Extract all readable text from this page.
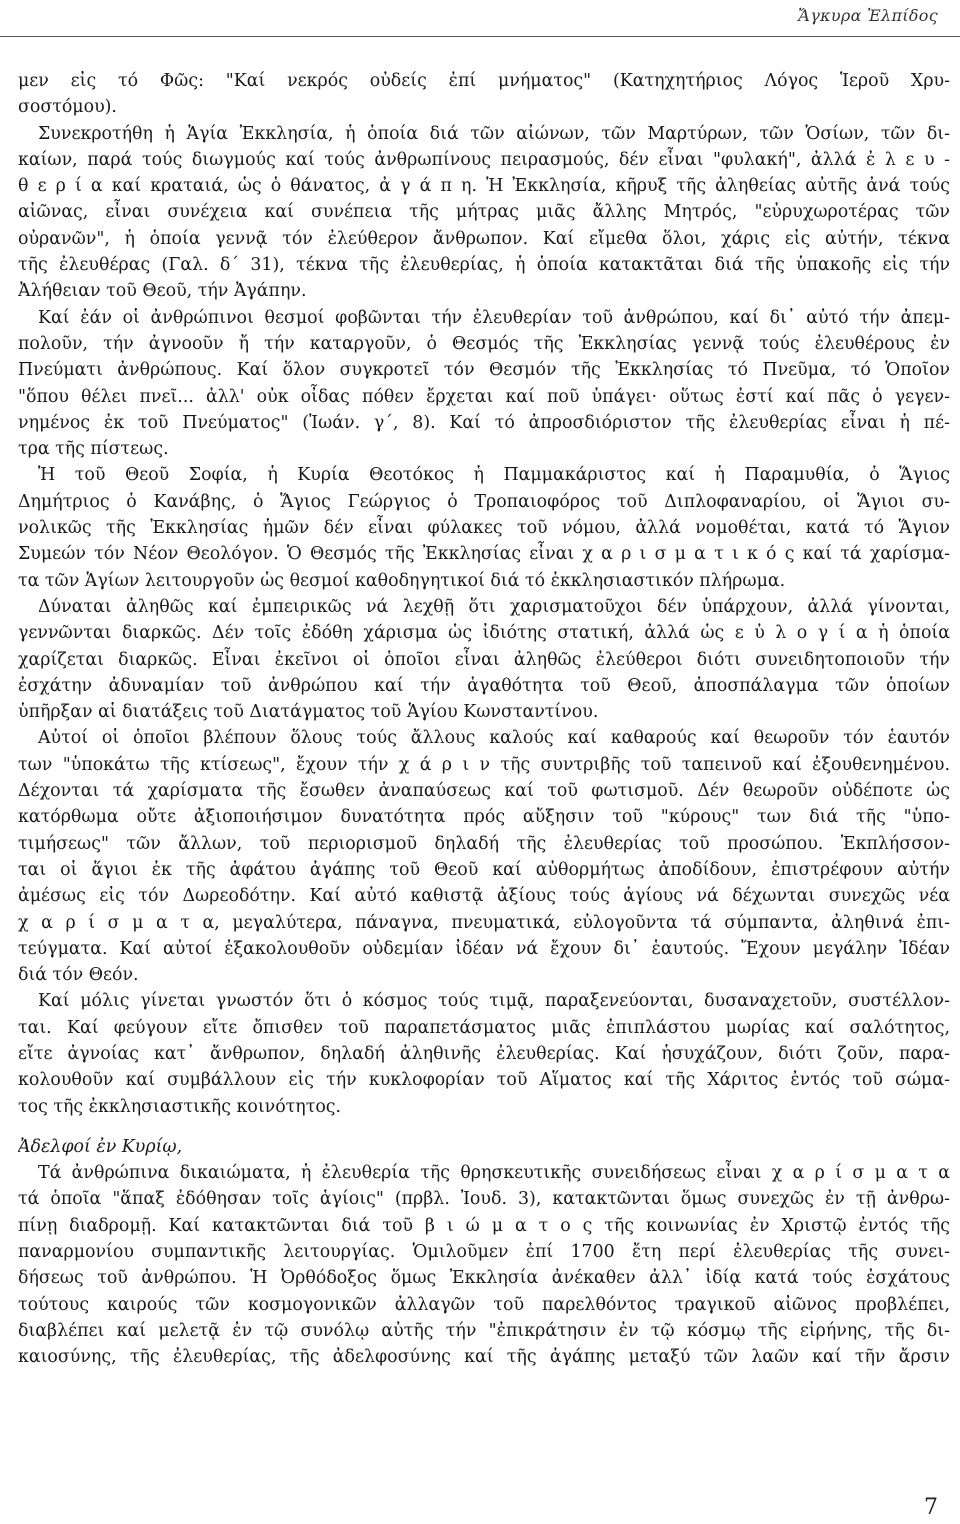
Ἄγκυρα Ἐλπίδος
μεν εἰς τό Φῶς: "Καί νεκρός οὐδείς ἐπί μνήματος" (Κατηχητήριος Λόγος Ἱεροῦ Χρυ-
σοστόμου).
Συνεκροτήθη ἡ Ἁγία Ἐκκλησία, ἡ ὁποία διά τῶν αἰώνων, τῶν Μαρτύρων, τῶν Ὁσίων, τῶν δι-
καίων, παρά τούς διωγμούς καί τούς ἀνθρωπίνους πειρασμούς, δέν εἶναι "φυλακή", ἀλλά ἐ λ ε υ -
θ ε ρ ί α καί κραταιά, ὡς ὁ θάνατος, ἀ γ ά π η. Ἡ Ἐκκλησία, κῆρυξ τῆς ἀληθείας αὐτῆς ἀνά τούς
αἰῶνας, εἶναι συνέχεια καί συνέπεια τῆς μήτρας μιᾶς ἄλλης Μητρός, "εὐρυχωροτέρας τῶν
οὐρανῶν", ἡ ὁποία γεννᾷ τόν ἐλεύθερον ἄνθρωπον. Καί εἴμεθα ὅλοι, χάρις εἰς αὐτήν, τέκνα
τῆς ἐλευθέρας (Γαλ. δ΄ 31), τέκνα τῆς ἐλευθερίας, ἡ ὁποία κατακτᾶται διά τῆς ὑπακοῆς εἰς τήν
Ἀλήθειαν τοῦ Θεοῦ, τήν Ἀγάπην.
Καί ἐάν οἱ ἀνθρώπινοι θεσμοί φοβῶνται τήν ἐλευθερίαν τοῦ ἀνθρώπου, καί δι᾽ αὐτό τήν ἀπεμ-
πολοῦν, τήν ἀγνοοῦν ἤ τήν καταργοῦν, ὁ Θεσμός τῆς Ἐκκλησίας γεννᾷ τούς ἐλευθέρους ἐν
Πνεύματι ἀνθρώπους. Καί ὅλον συγκροτεῖ τόν Θεσμόν τῆς Ἐκκλησίας τό Πνεῦμα, τό Ὁποῖον
"ὅπου θέλει πνεῖ... ἀλλ' οὐκ οἶδας πόθεν ἔρχεται καί ποῦ ὑπάγει· οὕτως ἐστί καί πᾶς ὁ γεγεν-
νημένος ἐκ τοῦ Πνεύματος" (Ἰωάν. γ΄, 8). Καί τό ἀπροσδιόριστον τῆς ἐλευθερίας εἶναι ἡ πέ-
τρα τῆς πίστεως.
Ἡ τοῦ Θεοῦ Σοφία, ἡ Κυρία Θεοτόκος ἡ Παμμακάριστος καί ἡ Παραμυθία, ὁ Ἅγιος
Δημήτριος ὁ Κανάβης, ὁ Ἅγιος Γεώργιος ὁ Τροπαιοφόρος τοῦ Διπλοφαναρίου, οἱ Ἅγιοι συ-
νολικῶς τῆς Ἐκκλησίας ἡμῶν δέν εἶναι φύλακες τοῦ νόμου, ἀλλά νομοθέται, κατά τό Ἅγιον
Συμεών τόν Νέον Θεολόγον. Ὁ Θεσμός τῆς Ἐκκλησίας εἶναι χ α ρ ι σ μ α τ ι κ ό ς καί τά χαρίσμα-
τα τῶν Ἁγίων λειτουργοῦν ὡς θεσμοί καθοδηγητικοί διά τό ἐκκλησιαστικόν πλήρωμα.
Δύναται ἀληθῶς καί ἐμπειρικῶς νά λεχθῇ ὅτι χαρισματοῦχοι δέν ὑπάρχουν, ἀλλά γίνονται,
γεννῶνται διαρκῶς. Δέν τοῖς ἐδόθη χάρισμα ὡς ἰδιότης στατική, ἀλλά ὡς ε ὐ λ ο γ ί α ἡ ὁποία
χαρίζεται διαρκῶς. Εἶναι ἐκεῖνοι οἱ ὁποῖοι εἶναι ἀληθῶς ἐλεύθεροι διότι συνειδητοποιοῦν τήν
ἐσχάτην ἀδυναμίαν τοῦ ἀνθρώπου καί τήν ἀγαθότητα τοῦ Θεοῦ, ἀποσπάλαγμα τῶν ὁποίων
ὑπῆρξαν αἱ διατάξεις τοῦ Διατάγματος τοῦ Ἁγίου Κωνσταντίνου.
Αὐτοί οἱ ὁποῖοι βλέπουν ὅλους τούς ἄλλους καλούς καί καθαρούς καί θεωροῦν τόν ἑαυτόν
των "ὑποκάτω τῆς κτίσεως", ἔχουν τήν χ ά ρ ι ν τῆς συντριβῆς τοῦ ταπεινοῦ καί ἐξουθενημένου.
Δέχονται τά χαρίσματα τῆς ἔσωθεν ἀναπαύσεως καί τοῦ φωτισμοῦ. Δέν θεωροῦν οὐδέποτε ὡς
κατόρθωμα οὔτε ἀξιοποιήσιμον δυνατότητα πρός αὔξησιν τοῦ "κύρους" των διά τῆς "ὑπο-
τιμήσεως" τῶν ἄλλων, τοῦ περιορισμοῦ δηλαδή τῆς ἐλευθερίας τοῦ προσώπου. Ἐκπλήσσον-
ται οἱ ἅγιοι ἐκ τῆς ἀφάτου ἀγάπης τοῦ Θεοῦ καί αὐθορμήτως ἀποδίδουν, ἐπιστρέφουν αὐτήν
ἀμέσως εἰς τόν Δωρεοδότην. Καί αὐτό καθιστᾷ ἀξίους τούς ἁγίους νά δέχωνται συνεχῶς νέα
χ α ρ ί σ μ α τ α, μεγαλύτερα, πάναγνα, πνευματικά, εὐλογοῦντα τά σύμπαντα, ἀληθινά ἐπι-
τεύγματα. Καί αὐτοί ἐξακολουθοῦν οὐδεμίαν ἰδέαν νά ἔχουν δι᾽ ἑαυτούς. Ἔχουν μεγάλην Ἰδέαν
διά τόν Θεόν.
Καί μόλις γίνεται γνωστόν ὅτι ὁ κόσμος τούς τιμᾷ, παραξενεύονται, δυσαναχετοῦν, συστέλλον-
ται. Καί φεύγουν εἴτε ὄπισθεν τοῦ παραπετάσματος μιᾶς ἐπιπλάστου μωρίας καί σαλότητος,
εἴτε ἀγνοίας κατ᾽ ἄνθρωπον, δηλαδή ἀληθινῆς ἐλευθερίας. Καί ἡσυχάζουν, διότι ζοῦν, παρα-
κολουθοῦν καί συμβάλλουν εἰς τήν κυκλοφορίαν τοῦ Αἵματος καί τῆς Χάριτος ἐντός τοῦ σώμα-
τος τῆς ἐκκλησιαστικῆς κοινότητος.
Ἀδελφοί ἐν Κυρίῳ,
Τά ἀνθρώπινα δικαιώματα, ἡ ἐλευθερία τῆς θρησκευτικῆς συνειδήσεως εἶναι χ α ρ ί σ μ α τ α
τά ὁποῖα "ἅπαξ ἐδόθησαν τοῖς ἁγίοις" (πρβλ. Ἰουδ. 3), κατακτῶνται ὅμως συνεχῶς ἐν τῇ ἀνθρω-
πίνῃ διαδρομῇ. Καί κατακτῶνται διά τοῦ β ι ώ μ α τ ο ς τῆς κοινωνίας ἐν Χριστῷ ἐντός τῆς
παναρμονίου συμπαντικῆς λειτουργίας. Ὁμιλοῦμεν ἐπί 1700 ἔτη περί ἐλευθερίας τῆς συνει-
δήσεως τοῦ ἀνθρώπου. Ἡ Ὀρθόδοξος ὅμως Ἐκκλησία ἀνέκαθεν ἀλλ᾽ ἰδίᾳ κατά τούς ἐσχάτους
τούτους καιρούς τῶν κοσμογονικῶν ἀλλαγῶν τοῦ παρελθόντος τραγικοῦ αἰῶνος προβλέπει,
διαβλέπει καί μελετᾷ ἐν τῷ συνόλῳ αὐτῆς τήν "ἐπικράτησιν ἐν τῷ κόσμῳ τῆς εἰρήνης, τῆς δι-
καιοσύνης, τῆς ἐλευθερίας, τῆς ἀδελφοσύνης καί τῆς ἀγάπης μεταξύ τῶν λαῶν καί τῆν ἄρσιν
7
